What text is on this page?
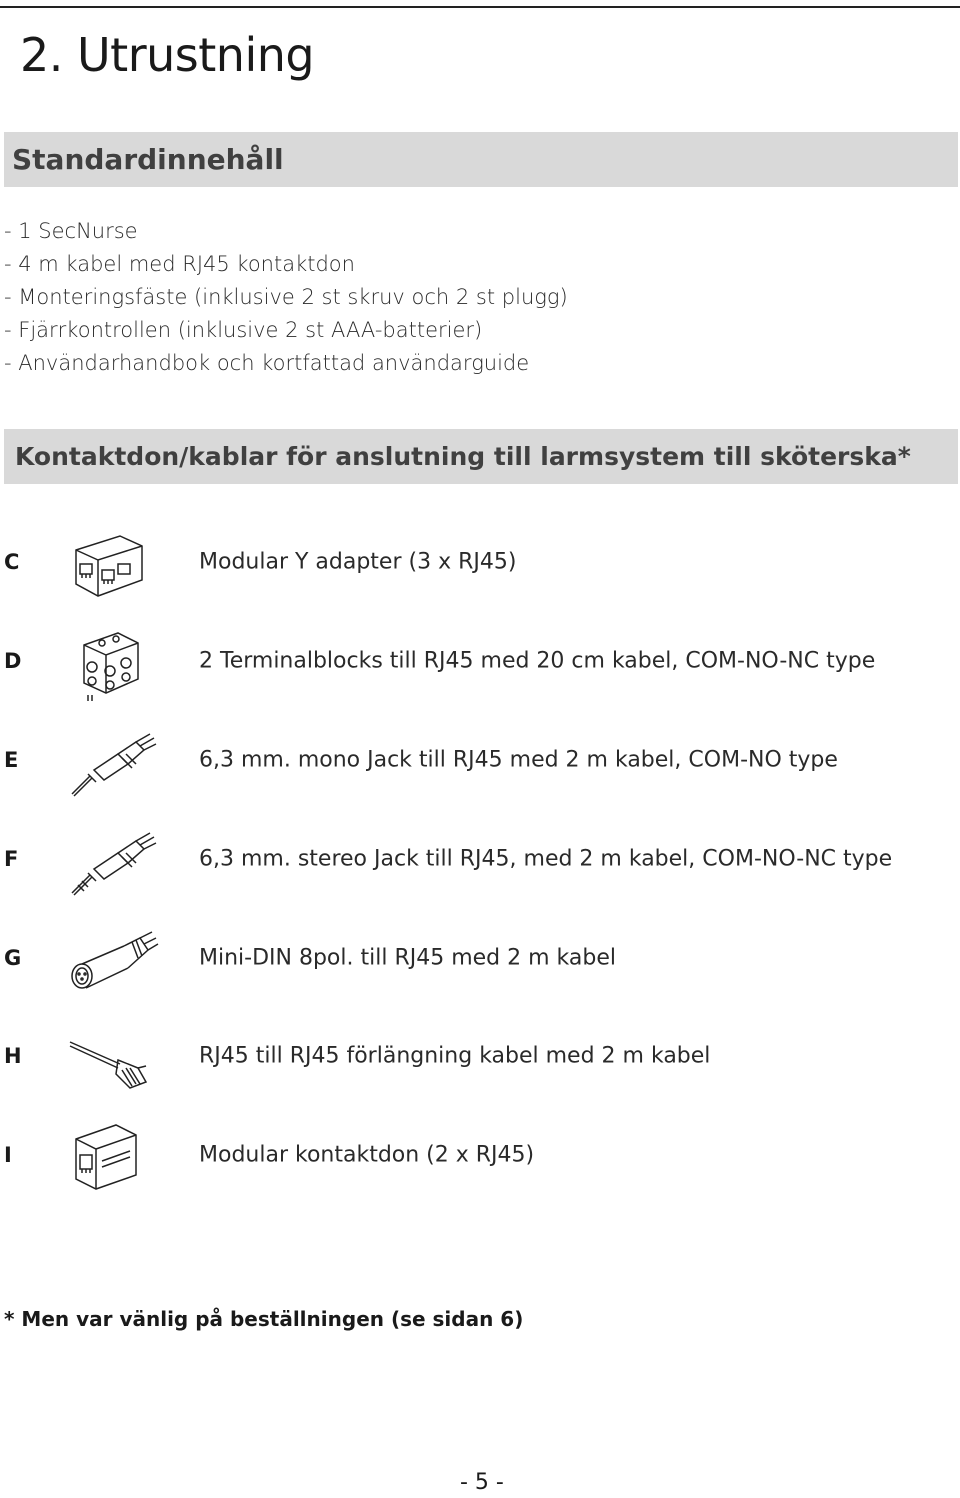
2. Utrustning
Standardinnehåll
- 1 SecNurse
- 4 m kabel med RJ45 kontaktdon
- Monteringsfäste (inklusive 2 st skruv och 2 st plugg)
- Fjärrkontrollen (inklusive 2 st AAA-batterier)
- Användarhandbok och kortfattad användarguide
Kontaktdon/kablar för anslutning till larmsystem till sköterska*
C	Modular Y adapter (3 x RJ45)
D	2 Terminalblocks till RJ45 med 20 cm kabel, COM-NO-NC type
E	6,3 mm. mono Jack till RJ45 med 2 m kabel, COM-NO type
F	6,3 mm. stereo Jack till RJ45, med 2 m kabel, COM-NO-NC type
G	Mini-DIN 8pol. till RJ45 med 2 m kabel
H	RJ45 till RJ45 förlängning kabel med 2 m kabel
I	Modular kontaktdon (2 x RJ45)
* Men var vänlig på beställningen (se sidan 6)
- 5 -
